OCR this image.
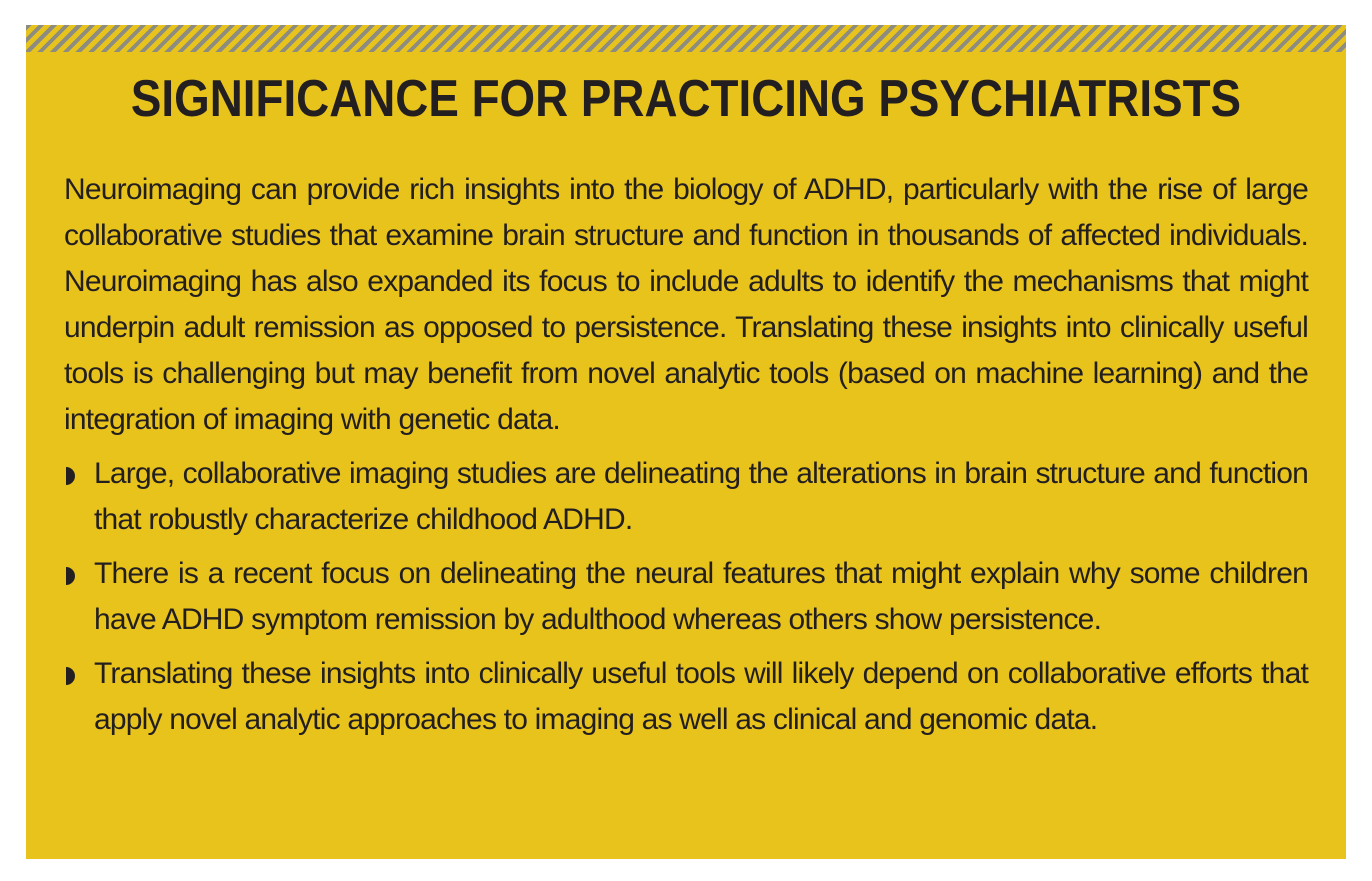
SIGNIFICANCE FOR PRACTICING PSYCHIATRISTS

Neuroimaging can provide rich insights into the biology of ADHD, particularly with the rise of large collaborative studies that examine brain structure and function in thousands of affected individuals. Neuroimaging has also expanded its focus to include adults to identify the mechanisms that might underpin adult remission as opposed to persistence. Translating these insights into clinically useful tools is challenging but may benefit from novel analytic tools (based on machine learning) and the integration of imaging with genetic data.

Large, collaborative imaging studies are delineating the alterations in brain structure and function that robustly characterize childhood ADHD.
There is a recent focus on delineating the neural features that might explain why some children have ADHD symptom remission by adulthood whereas others show persistence.
Translating these insights into clinically useful tools will likely depend on collaborative efforts that apply novel analytic approaches to imaging as well as clinical and genomic data.
